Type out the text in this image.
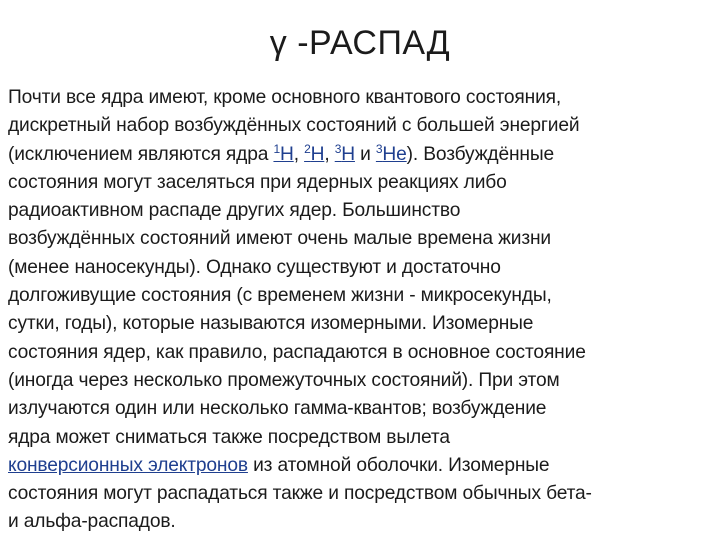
γ -РАСПАД
Почти все ядра имеют, кроме основного квантового состояния,
дискретный набор возбуждённых состояний с большей энергией
(исключением являются ядра $^1$H, $^2$H, $^3$H и $^3$He). Возбуждённые
состояния могут заселяться при ядерных реакциях либо
радиоактивном распаде других ядер. Большинство
возбуждённых состояний имеют очень малые времена жизни
(менее наносекунды). Однако существуют и достаточно
долгоживущие состояния (с временем жизни - микросекунды,
сутки, годы), которые называются изомерными. Изомерные
состояния ядер, как правило, распадаются в основное состояние
(иногда через несколько промежуточных состояний). При этом
излучаются один или несколько гамма-квантов; возбуждение
ядра может сниматься также посредством вылета
конверсионных электронов из атомной оболочки. Изомерные
состояния могут распадаться также и посредством обычных бета-
и альфа-распадов.
